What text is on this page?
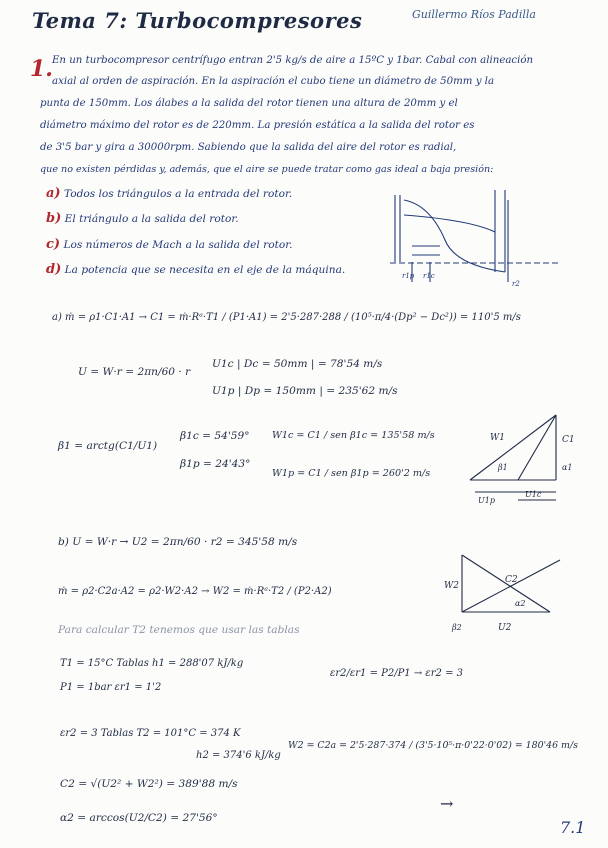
Tema 7: Turbocompresores	Guillermo Ríos Padilla
1. En un turbocompresor centrífugo entran 2'5 kg/s de aire a 15ºC y 1bar. Cabal con alineación
axial al orden de aspiración. En la aspiración el cubo tiene un diámetro de 50mm y la
punta de 150mm. Los álabes a la salida del rotor tienen una altura de 20mm y el
diámetro máximo del rotor es de 220mm. La presión estática a la salida del rotor es
de 3'5 bar y gira a 30000rpm. Sabiendo que la salida del aire del rotor es radial,
que no existen pérdidas y, además, que el aire se puede tratar como gas ideal a baja presión:
a) Todos los triángulos a la entrada del rotor.
b) El triángulo a la salida del rotor.
c) Los números de Mach a la salida del rotor.
d) La potencia que se necesita en el eje de la máquina.	r1p r1c
r2
W1	C1
U1p
U1c
α1
β1
W2
C2
U2
α2
β2
a) ṁ = ρ1·C1·A1 → C1 = ṁ·Rᵃ·T1 / (P1·A1) = 2'5·287·288 / (10⁵·π/4·(Dp² − Dc²)) = 110'5 m/s
U = W·r = 2πn/60 · r
U1c | Dc = 50mm | = 78'54 m/s
U1p | Dp = 150mm | = 235'62 m/s
β1 = arctg(C1/U1)
β1c = 54'59°
β1p = 24'43°
W1c = C1 / sen β1c = 135'58 m/s
W1p = C1 / sen β1p = 260'2 m/s
b) U = W·r → U2 = 2πn/60 · r2 = 345'58 m/s
ṁ = ρ2·C2a·A2 = ρ2·W2·A2 → W2 = ṁ·Rᵃ·T2 / (P2·A2)
Para calcular T2 tenemos que usar las tablas
T1 = 15°C Tablas h1 = 288'07 kJ/kg
P1 = 1bar εr1 = 1'2
εr2/εr1 = P2/P1 → εr2 = 3
εr2 = 3 Tablas T2 = 101°C = 374 K
h2 = 374'6 kJ/kg
W2 = C2a = 2'5·287·374 / (3'5·10⁵·π·0'22·0'02) = 180'46 m/s
C2 = √(U2² + W2²) = 389'88 m/s
α2 = arccos(U2/C2) = 27'56°
→
7.1
